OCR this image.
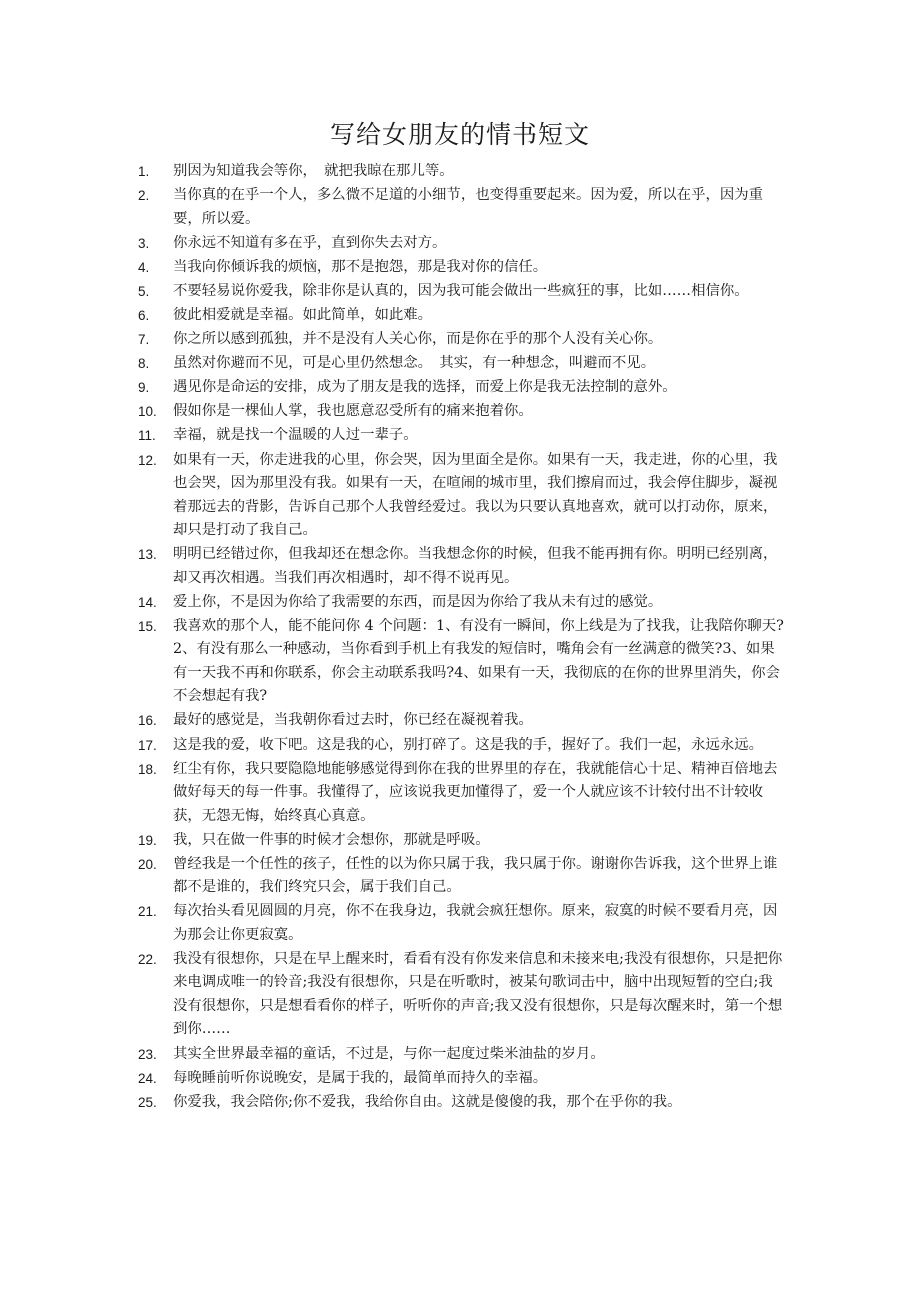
写给女朋友的情书短文
1. 别因为知道我会等你，　就把我晾在那儿等。
2. 当你真的在乎一个人，多么微不足道的小细节，也变得重要起来。因为爱，所以在乎，因为重要，所以爱。
3. 你永远不知道有多在乎，直到你失去对方。
4. 当我向你倾诉我的烦恼，那不是抱怨，那是我对你的信任。
5. 不要轻易说你爱我，除非你是认真的，因为我可能会做出一些疯狂的事，比如……相信你。
6. 彼此相爱就是幸福。如此简单，如此难。
7. 你之所以感到孤独，并不是没有人关心你，而是你在乎的那个人没有关心你。
8. 虽然对你避而不见，可是心里仍然想念。　其实，有一种想念，叫避而不见。
9. 遇见你是命运的安排，成为了朋友是我的选择，而爱上你是我无法控制的意外。
10. 假如你是一棵仙人掌，我也愿意忍受所有的痛来抱着你。
11. 幸福，就是找一个温暖的人过一辈子。
12. 如果有一天，你走进我的心里，你会哭，因为里面全是你。如果有一天，我走进，你的心里，我也会哭，因为那里没有我。如果有一天，在喧闹的城市里，我们擦肩而过，我会停住脚步，凝视着那远去的背影，告诉自己那个人我曾经爱过。我以为只要认真地喜欢，就可以打动你，原来，却只是打动了我自己。
13. 明明已经错过你，但我却还在想念你。当我想念你的时候，但我不能再拥有你。明明已经别离，却又再次相遇。当我们再次相遇时，却不得不说再见。
14. 爱上你，不是因为你给了我需要的东西，而是因为你给了我从未有过的感觉。
15. 我喜欢的那个人，能不能问你 4 个问题：1、有没有一瞬间，你上线是为了找我，让我陪你聊天?2、有没有那么一种感动，当你看到手机上有我发的短信时，嘴角会有一丝满意的微笑?3、如果有一天我不再和你联系，你会主动联系我吗?4、如果有一天，我彻底的在你的世界里消失，你会不会想起有我?
16. 最好的感觉是，当我朝你看过去时，你已经在凝视着我。
17. 这是我的爱，收下吧。这是我的心，别打碎了。这是我的手，握好了。我们一起，永远永远。
18. 红尘有你，我只要隐隐地能够感觉得到你在我的世界里的存在，我就能信心十足、精神百倍地去做好每天的每一件事。我懂得了，应该说我更加懂得了，爱一个人就应该不计较付出不计较收获，无怨无悔，始终真心真意。
19. 我，只在做一件事的时候才会想你，那就是呼吸。
20. 曾经我是一个任性的孩子，任性的以为你只属于我，我只属于你。谢谢你告诉我，这个世界上谁都不是谁的，我们终究只会，属于我们自己。
21. 每次抬头看见圆圆的月亮，你不在我身边，我就会疯狂想你。原来，寂寞的时候不要看月亮，因为那会让你更寂寞。
22. 我没有很想你，只是在早上醒来时，看看有没有你发来信息和未接来电;我没有很想你，只是把你来电调成唯一的铃音;我没有很想你，只是在听歌时，被某句歌词击中，脑中出现短暂的空白;我没有很想你，只是想看看你的样子，听听你的声音;我又没有很想你，只是每次醒来时，第一个想到你……
23. 其实全世界最幸福的童话，不过是，与你一起度过柴米油盐的岁月。
24. 每晚睡前听你说晚安，是属于我的，最简单而持久的幸福。
25. 你爱我，我会陪你;你不爱我，我给你自由。这就是傻傻的我，那个在乎你的我。
